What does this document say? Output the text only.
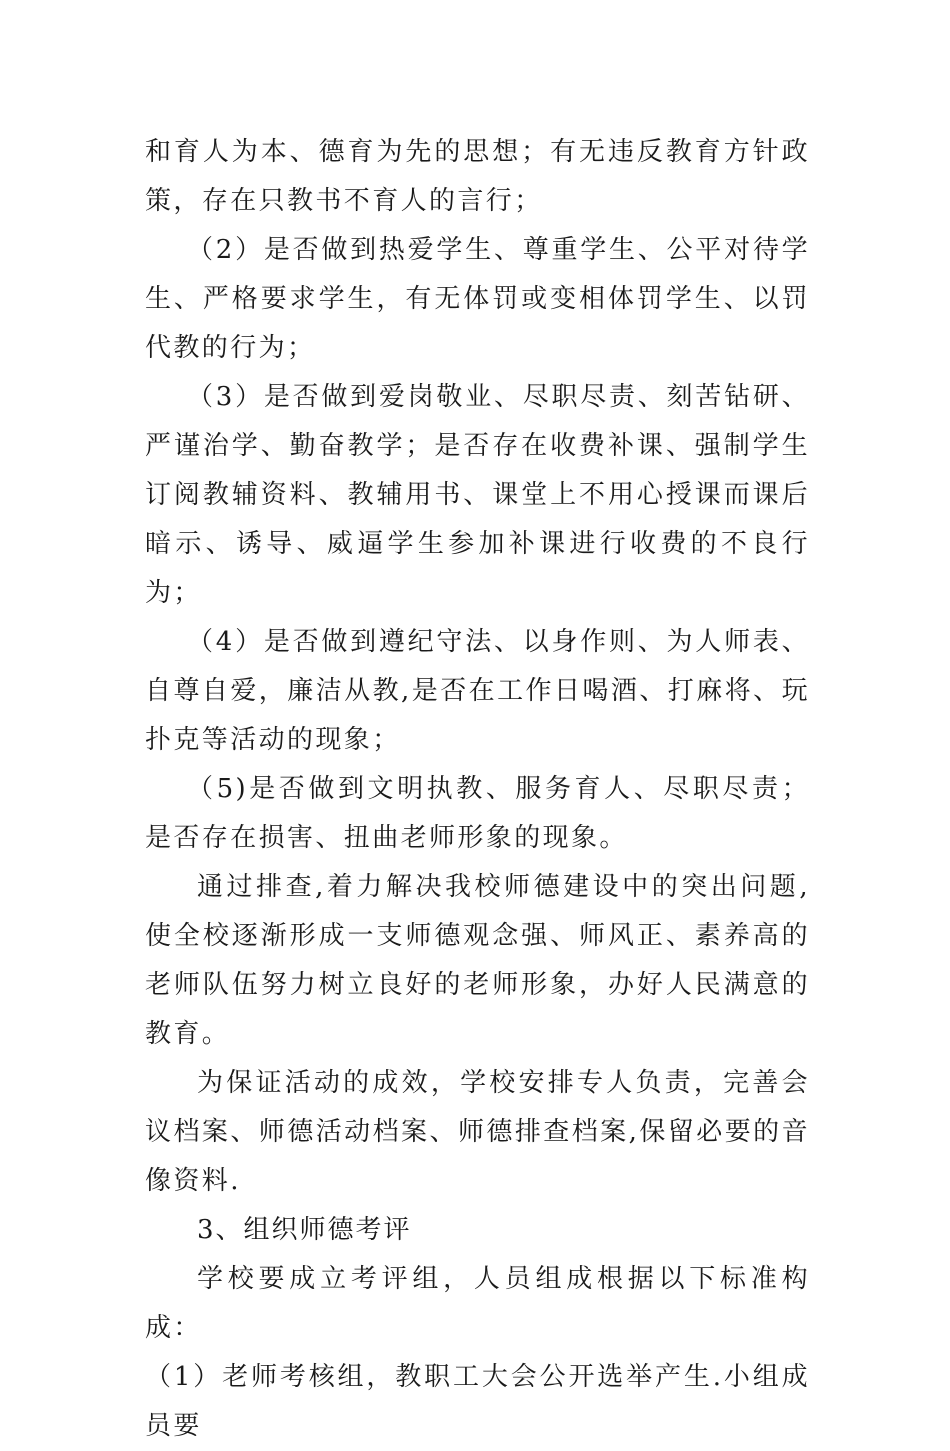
和育人为本、德育为先的思想；有无违反教育方针政策，存在只教书不育人的言行；

（2）是否做到热爱学生、尊重学生、公平对待学生、严格要求学生，有无体罚或变相体罚学生、以罚代教的行为；

（3）是否做到爱岗敬业、尽职尽责、刻苦钻研、严谨治学、勤奋教学；是否存在收费补课、强制学生订阅教辅资料、教辅用书、课堂上不用心授课而课后暗示、诱导、威逼学生参加补课进行收费的不良行为；

（4）是否做到遵纪守法、以身作则、为人师表、自尊自爱，廉洁从教,是否在工作日喝酒、打麻将、玩扑克等活动的现象；

（5)是否做到文明执教、服务育人、尽职尽责；是否存在损害、扭曲老师形象的现象。

通过排查,着力解决我校师德建设中的突出问题,使全校逐渐形成一支师德观念强、师风正、素养高的老师队伍努力树立良好的老师形象，办好人民满意的教育。

为保证活动的成效，学校安排专人负责，完善会议档案、师德活动档案、师德排查档案,保留必要的音像资料.

3、组织师德考评

学校要成立考评组，人员组成根据以下标准构成：

（1）老师考核组，教职工大会公开选举产生.小组成员要
